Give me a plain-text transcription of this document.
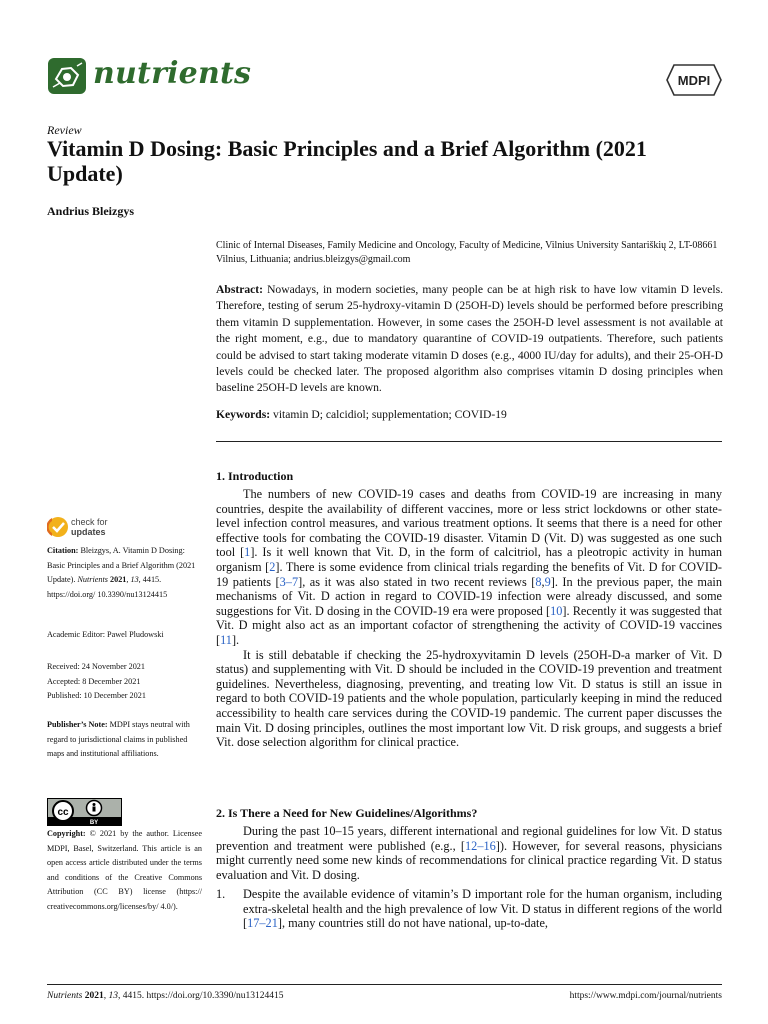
nutrients	MDPI
Review
Vitamin D Dosing: Basic Principles and a Brief Algorithm (2021 Update)
Andrius Bleizgys
Clinic of Internal Diseases, Family Medicine and Oncology, Faculty of Medicine, Vilnius University Santariškių 2, LT-08661 Vilnius, Lithuania; andrius.bleizgys@gmail.com
Abstract: Nowadays, in modern societies, many people can be at high risk to have low vitamin D levels. Therefore, testing of serum 25-hydroxy-vitamin D (25OH-D) levels should be performed before prescribing them vitamin D supplementation. However, in some cases the 25OH-D level assessment is not available at the right moment, e.g., due to mandatory quarantine of COVID-19 outpatients. Therefore, such patients could be advised to start taking moderate vitamin D doses (e.g., 4000 IU/day for adults), and their 25-OH-D levels could be checked later. The proposed algorithm also comprises vitamin D dosing principles when baseline 25OH-D levels are known.
Keywords: vitamin D; calcidiol; supplementation; COVID-19
1. Introduction

The numbers of new COVID-19 cases and deaths from COVID-19 are increasing in many countries, despite the availability of different vaccines, more or less strict lockdowns or other state-level infection control measures, and various treatment options. It seems that there is a need for other effective tools for combating the COVID-19 disaster. Vitamin D (Vit. D) was suggested as one such tool [1]. Is it well known that Vit. D, in the form of calcitriol, has a pleotropic activity in human organism [2]. There is some evidence from clinical trials regarding the benefits of Vit. D for COVID-19 patients [3–7], as it was also stated in two recent reviews [8,9]. In the previous paper, the main mechanisms of Vit. D action in regard to COVID-19 infection were already discussed, and some suggestions for Vit. D dosing in the COVID-19 era were proposed [10]. Recently it was suggested that Vit. D might also act as an important cofactor of strengthening the activity of COVID-19 vaccines [11].

It is still debatable if checking the 25-hydroxyvitamin D levels (25OH-D-a marker of Vit. D status) and supplementing with Vit. D should be included in the COVID-19 prevention and treatment guidelines. Nevertheless, diagnosing, preventing, and treating low Vit. D status is still an issue in regard to both COVID-19 patients and the whole population, particularly keeping in mind the reduced accessibility to health care services during the COVID-19 pandemic. The current paper discusses the main Vit. D dosing principles, outlines the most important low Vit. D risk groups, and suggests a brief Vit. dose selection algorithm for clinical practice.

2. Is There a Need for New Guidelines/Algorithms?

During the past 10–15 years, different international and regional guidelines for low Vit. D status prevention and treatment were published (e.g., [12–16]). However, for several reasons, physicians might currently need some new kinds of recommendations for clinical practice regarding Vit. D status evaluation and Vit. D dosing.

1. Despite the available evidence of vitamin’s D important role for the human organism, including extra-skeletal health and the high prevalence of low Vit. D status in different regions of the world [17–21], many countries still do not have national, up-to-date,
check for
updates
Citation: Bleizgys, A. Vitamin D Dosing: Basic Principles and a Brief Algorithm (2021 Update). Nutrients 2021, 13, 4415. https://doi.org/ 10.3390/nu13124415
Academic Editor: Pawel Pludowski
Received: 24 November 2021
Accepted: 8 December 2021
Published: 10 December 2021
Publisher’s Note: MDPI stays neutral with regard to jurisdictional claims in published maps and institutional affiliations.
cc
BY
Copyright: © 2021 by the author. Licensee MDPI, Basel, Switzerland. This article is an open access article distributed under the terms and conditions of the Creative Commons Attribution (CC BY) license (https:// creativecommons.org/licenses/by/ 4.0/).
Nutrients 2021, 13, 4415. https://doi.org/10.3390/nu13124415	https://www.mdpi.com/journal/nutrients
